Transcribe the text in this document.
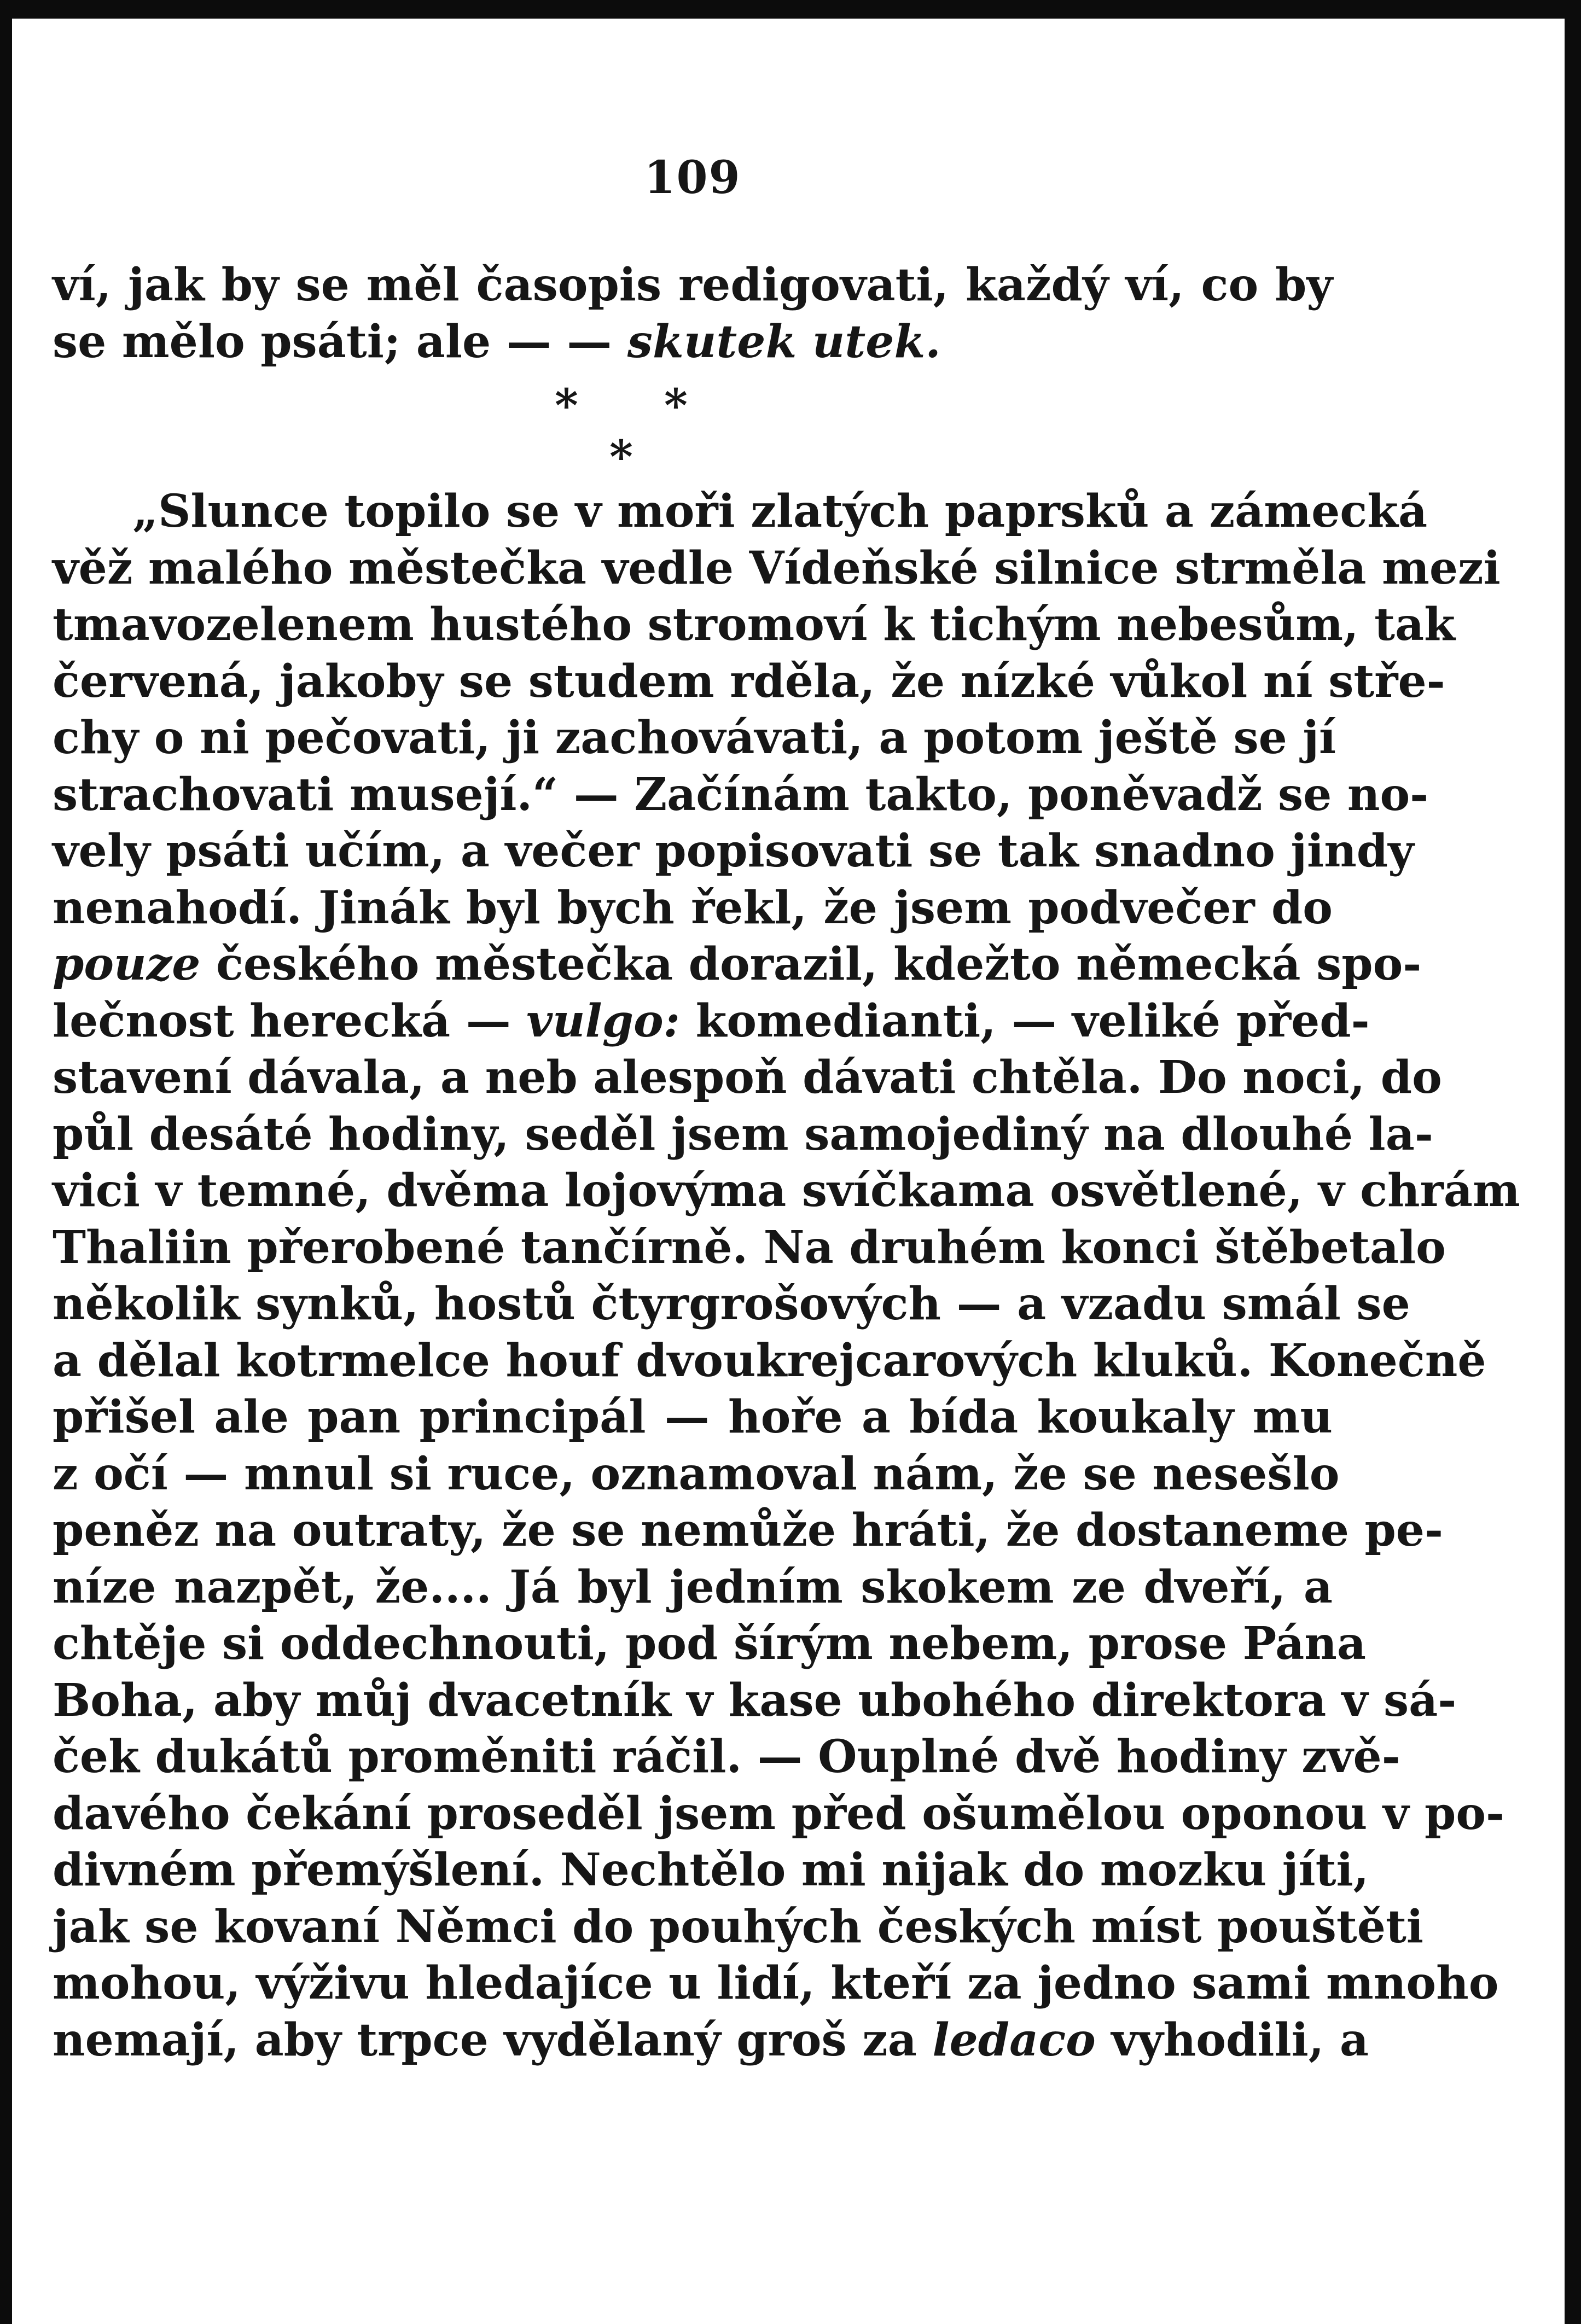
109
ví, jak by se měl časopis redigovati, každý ví, co by
se mělo psáti; ale — — skutek utek.
* *
*
„Slunce topilo se v moři zlatých paprsků a zámecká
věž malého městečka vedle Vídeňské silnice strměla mezi
tmavozelenem hustého stromoví k tichým nebesům, tak
červená, jakoby se studem rděla, že nízké vůkol ní stře-
chy o ni pečovati, ji zachovávati, a potom ještě se jí
strachovati musejí.“ — Začínám takto, poněvadž se no-
vely psáti učím, a večer popisovati se tak snadno jindy
nenahodí. Jinák byl bych řekl, že jsem podvečer do
pouze českého městečka dorazil, kdežto německá spo-
lečnost herecká — vulgo: komedianti, — veliké před-
stavení dávala, a neb alespoň dávati chtěla. Do noci, do
půl desáté hodiny, seděl jsem samojediný na dlouhé la-
vici v temné, dvěma lojovýma svíčkama osvětlené, v chrám
Thaliin přerobené tančírně. Na druhém konci štěbetalo
několik synků, hostů čtyrgrošových — a vzadu smál se
a dělal kotrmelce houf dvoukrejcarových kluků. Konečně
přišel ale pan principál — hoře a bída koukaly mu
z očí — mnul si ruce, oznamoval nám, že se nesešlo
peněz na outraty, že se nemůže hráti, že dostaneme pe-
níze nazpět, že.... Já byl jedním skokem ze dveří, a
chtěje si oddechnouti, pod šírým nebem, prose Pána
Boha, aby můj dvacetník v kase ubohého direktora v sá-
ček dukátů proměniti ráčil. — Ouplné dvě hodiny zvě-
davého čekání proseděl jsem před ošumělou oponou v po-
divném přemýšlení. Nechtělo mi nijak do mozku jíti,
jak se kovaní Němci do pouhých českých míst pouštěti
mohou, výživu hledajíce u lidí, kteří za jedno sami mnoho
nemají, aby trpce vydělaný groš za ledaco vyhodili, a
